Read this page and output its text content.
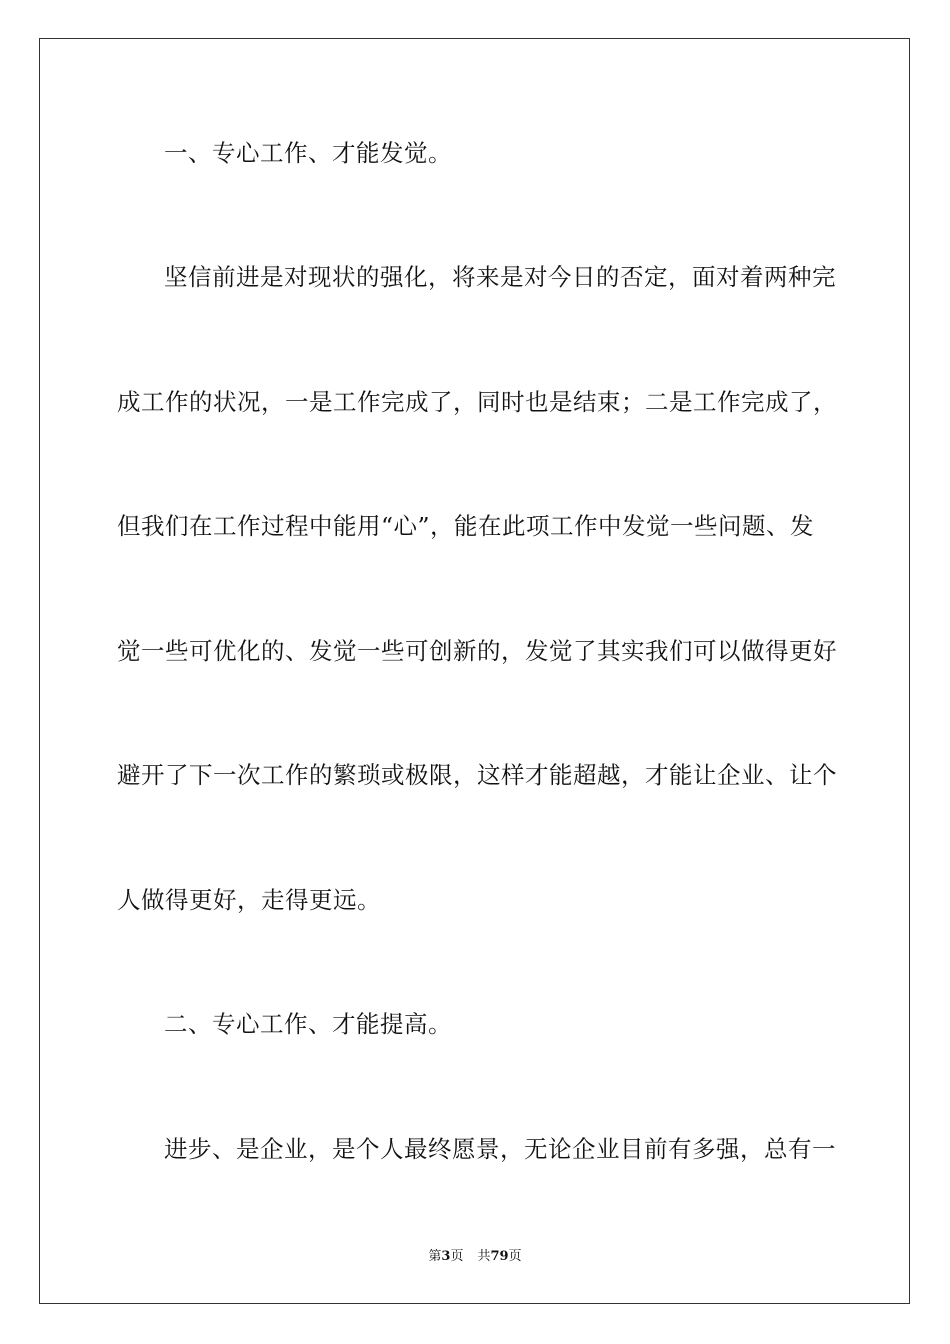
一、专心工作、才能发觉。
坚信前进是对现状的强化，将来是对今日的否定，面对着两种完
成工作的状况，一是工作完成了，同时也是结束；二是工作完成了，
但我们在工作过程中能用“心”，能在此项工作中发觉一些问题、发
觉一些可优化的、发觉一些可创新的，发觉了其实我们可以做得更好
避开了下一次工作的繁琐或极限，这样才能超越，才能让企业、让个
人做得更好，走得更远。
二、专心工作、才能提高。
进步、是企业，是个人最终愿景，无论企业目前有多强，总有一
第3页 共79页
